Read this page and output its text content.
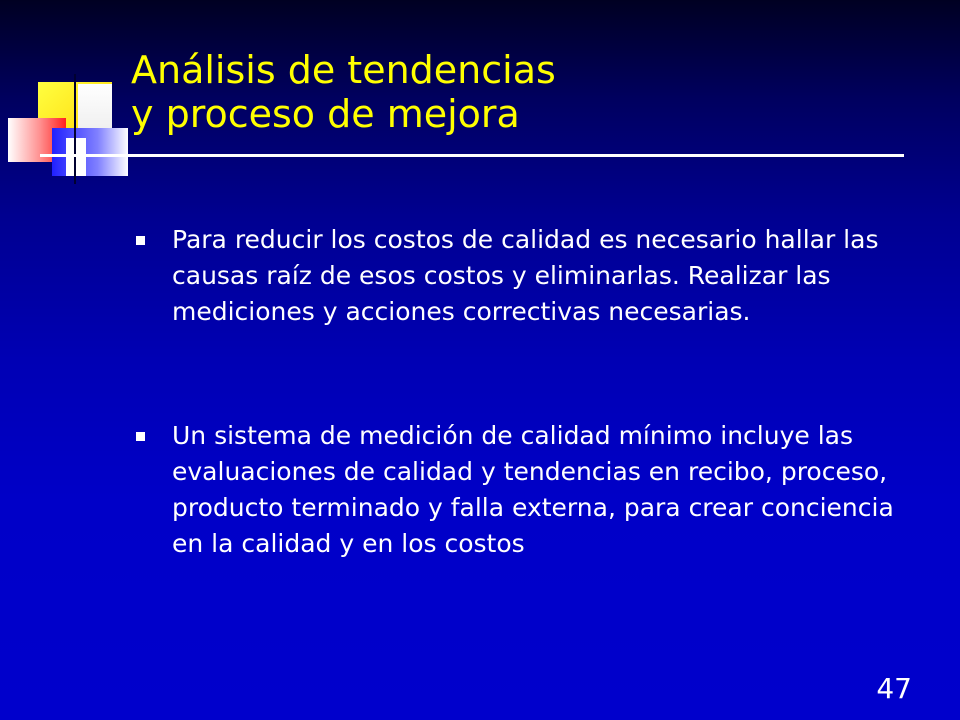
Análisis de tendencias
y proceso de mejora
Para reducir los costos de calidad es necesario hallar las causas raíz de esos costos y eliminarlas. Realizar las mediciones y acciones correctivas necesarias.
Un sistema de medición de calidad mínimo incluye las evaluaciones de calidad y tendencias en recibo, proceso, producto terminado y falla externa, para crear conciencia en la calidad y en los costos
47
